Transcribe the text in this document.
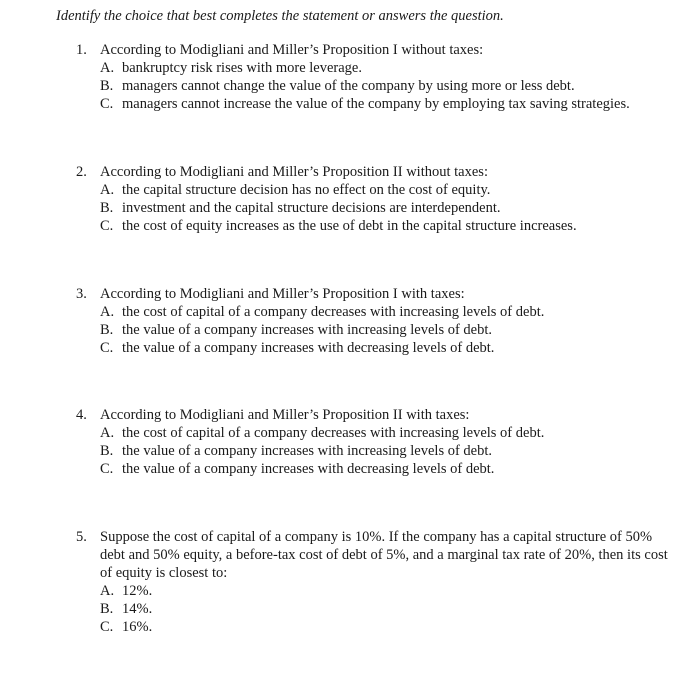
Identify the choice that best completes the statement or answers the question.
1. According to Modigliani and Miller’s Proposition I without taxes:
A. bankruptcy risk rises with more leverage.
B. managers cannot change the value of the company by using more or less debt.
C. managers cannot increase the value of the company by employing tax saving strategies.
2. According to Modigliani and Miller’s Proposition II without taxes:
A. the capital structure decision has no effect on the cost of equity.
B. investment and the capital structure decisions are interdependent.
C. the cost of equity increases as the use of debt in the capital structure increases.
3. According to Modigliani and Miller’s Proposition I with taxes:
A. the cost of capital of a company decreases with increasing levels of debt.
B. the value of a company increases with increasing levels of debt.
C. the value of a company increases with decreasing levels of debt.
4. According to Modigliani and Miller’s Proposition II with taxes:
A. the cost of capital of a company decreases with increasing levels of debt.
B. the value of a company increases with increasing levels of debt.
C. the value of a company increases with decreasing levels of debt.
5. Suppose the cost of capital of a company is 10%. If the company has a capital structure of 50% debt and 50% equity, a before-tax cost of debt of 5%, and a marginal tax rate of 20%, then its cost of equity is closest to:
A. 12%.
B. 14%.
C. 16%.
